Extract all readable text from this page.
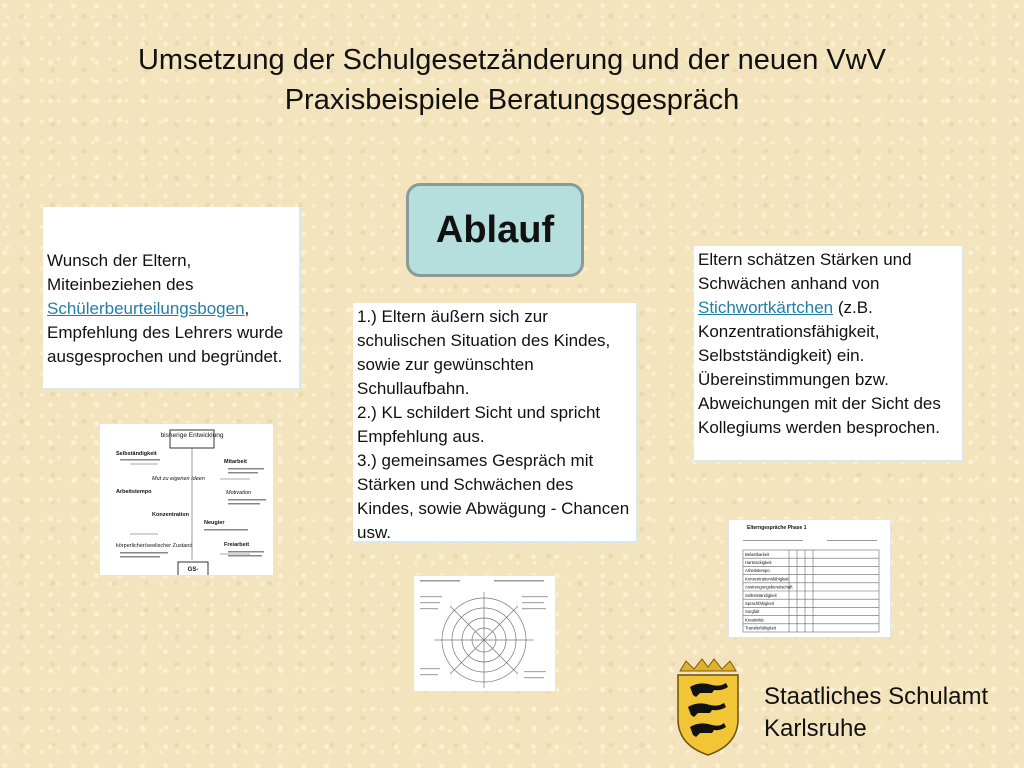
Umsetzung der Schulgesetzänderung und der neuen VwV
Praxisbeispiele Beratungsgespräch
Ablauf
Wunsch der Eltern, Miteinbeziehen des Schülerbeurteilungsbogen, Empfehlung des Lehrers wurde ausgesprochen und begründet.
1.) Eltern äußern sich zur schulischen Situation des Kindes, sowie zur gewünschten Schullaufbahn.
2.) KL schildert Sicht und spricht Empfehlung aus.
3.) gemeinsames Gespräch mit Stärken und Schwächen des Kindes, sowie Abwägung - Chancen usw.
Eltern schätzen Stärken und Schwächen anhand von Stichwortkärtchen (z.B. Konzentrationsfähigkeit, Selbstständigkeit) ein. Übereinstimmungen bzw. Abweichungen mit der Sicht des Kollegiums werden besprochen.
bisherige Entwicklung
Selbständigkeit
Mitarbeit
Arbeitstempo
Mut zu eigenen Ideen
Motivation
Konzentration
Neugier
körperlicher/seelischer Zustand	Freiarbeit
GS-
Elterngespräche Phase 1
Belastbarkeit
Hartnäckigkeit
Arbeitstempo
Konzentrationsfähigkeit
Anstrengungsbereitschaft
Selbstständigkeit
Sprachfähigkeit
Sorgfalt
Kreativität
Transferfähigkeit
Staatliches Schulamt
Karlsruhe
